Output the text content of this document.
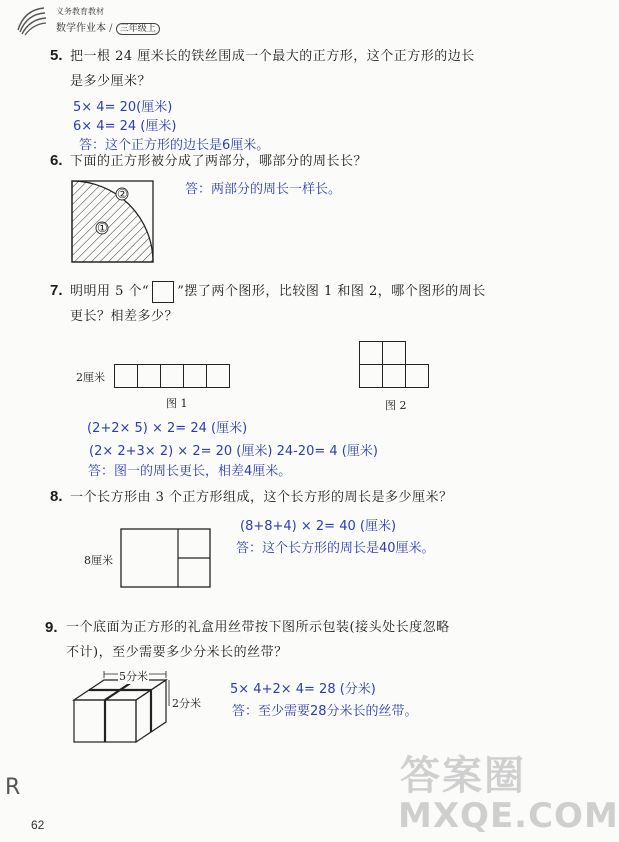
义务教育教材
数学作业本 / 三年级上
5. 把一根 24 厘米长的铁丝围成一个最大的正方形，这个正方形的边长
是多少厘米？
5× 4= 20(厘米)
6× 4= 24 (厘米)
答：这个正方形的边长是6厘米。
6. 下面的正方形被分成了两部分，哪部分的周长长？
①
②	答：两部分的周长一样长。
7. 明明用 5 个“ ”摆了两个图形，比较图 1 和图 2，哪个图形的周长
更长？相差多少？
2厘米
图 1	图 2
(2+2× 5) × 2= 24 (厘米)
(2× 2+3× 2) × 2= 20 (厘米) 24-20= 4 (厘米)
答：图一的周长更长，相差4厘米。
8. 一个长方形由 3 个正方形组成，这个长方形的周长是多少厘米？
(8+8+4) × 2= 40 (厘米)
答：这个长方形的周长是40厘米。
8厘米
9. 一个底面为正方形的礼盒用丝带按下图所示包装(接头处长度忽略
不计)，至少需要多少分米长的丝带？
5分米
2分米
5× 4+2× 4= 28 (分米)
答：至少需要28分米长的丝带。
R
62
答案圈
MXQE.COM
